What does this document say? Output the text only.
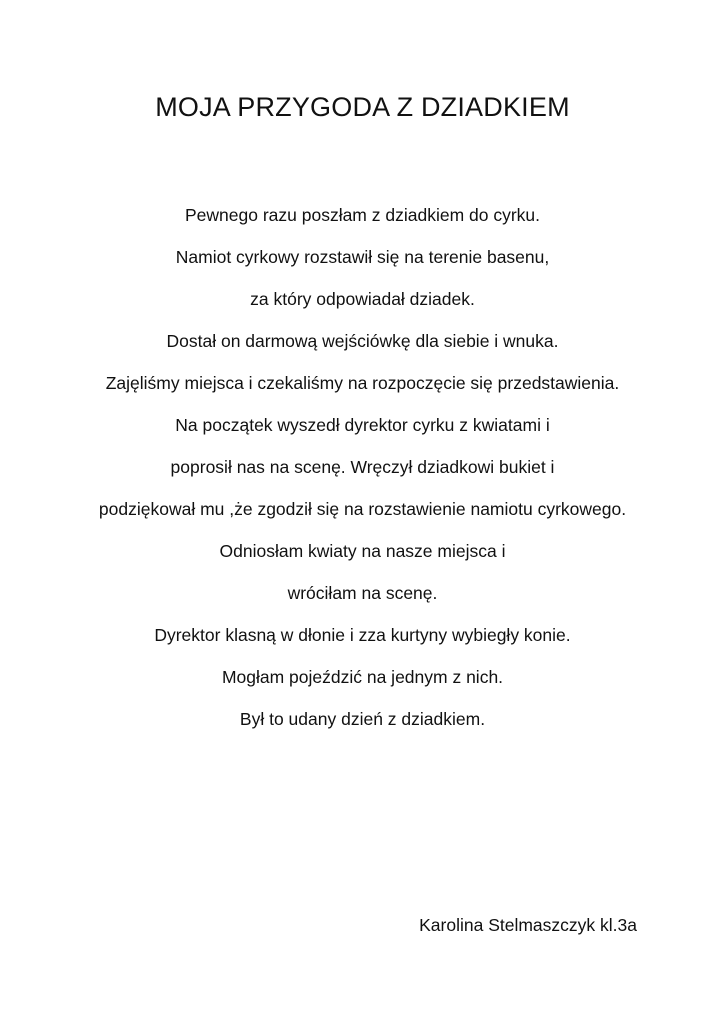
MOJA PRZYGODA Z DZIADKIEM

Pewnego razu poszłam z dziadkiem do cyrku.

Namiot cyrkowy rozstawił się na terenie basenu,

za który odpowiadał dziadek.

Dostał on darmową wejściówkę dla siebie i wnuka.

Zajęliśmy miejsca i czekaliśmy na rozpoczęcie się przedstawienia.

Na początek wyszedł dyrektor cyrku z kwiatami i

poprosił nas na scenę. Wręczył dziadkowi bukiet i

podziękował mu ,że zgodził się na rozstawienie namiotu cyrkowego.

Odniosłam kwiaty na nasze miejsca i

wróciłam na scenę.

Dyrektor klasną w dłonie i zza kurtyny wybiegły konie.

Mogłam pojeździć na jednym z nich.

Był to udany dzień z dziadkiem.

Karolina Stelmaszczyk kl.3a
